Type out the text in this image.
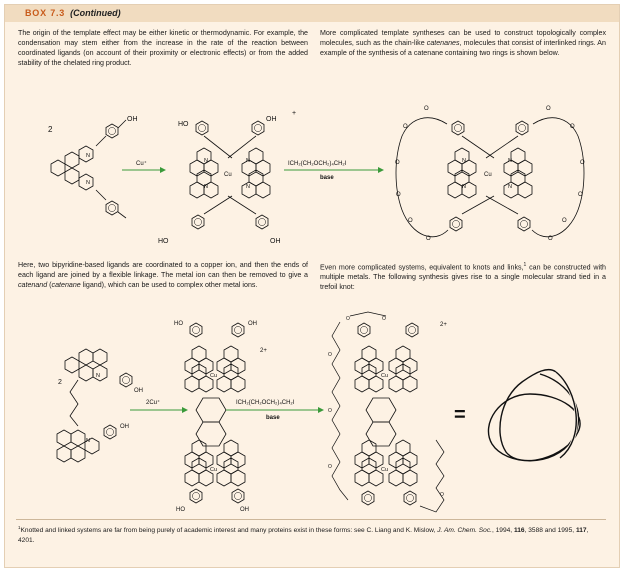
BOX 7.3 (Continued)
The origin of the template effect may be either kinetic or thermodynamic. For example, the condensation may stem either from the increase in the rate of the reaction between coordinated ligands (on account of their proximity or electronic effects) or from the added stability of the chelated ring product.
More complicated template syntheses can be used to construct topologically complex molecules, such as the chain-like catenanes, molecules that consist of interlinked rings. An example of the synthesis of a catenane containing two rings is shown below.
Here, two bipyridine-based ligands are coordinated to a copper ion, and then the ends of each ligand are joined by a flexible linkage. The metal ion can then be removed to give a catenand (catenane ligand), which can be used to complex other metal ions.
Even more complicated systems, equivalent to knots and links,$^1$ can be constructed with multiple metals. The following synthesis gives rise to a single molecular strand tied in a trefoil knot:
2
OH
N
N
Cu⁺
HO
OH
+
N	N
Cu
N	N
HO	OH
ICH₂(CH₂OCH₂)₄CH₂I
base
O	O
O	O
O	O
O	O
O	O
O	O
N	N
Cu
N	N
2
N
OH
N
OH
2Cu⁺
HO	OH
2+
Cu
Cu
HO	OH
ICH₂(CH₂OCH₂)₄CH₂I
base
2+
O	O
O
O
O
O
Cu
Cu
=
$^1$Knotted and linked systems are far from being purely of academic interest and many proteins exist in these forms: see C. Liang and K. Mislow, J. Am. Chem. Soc., 1994, 116, 3588 and 1995, 117, 4201.
